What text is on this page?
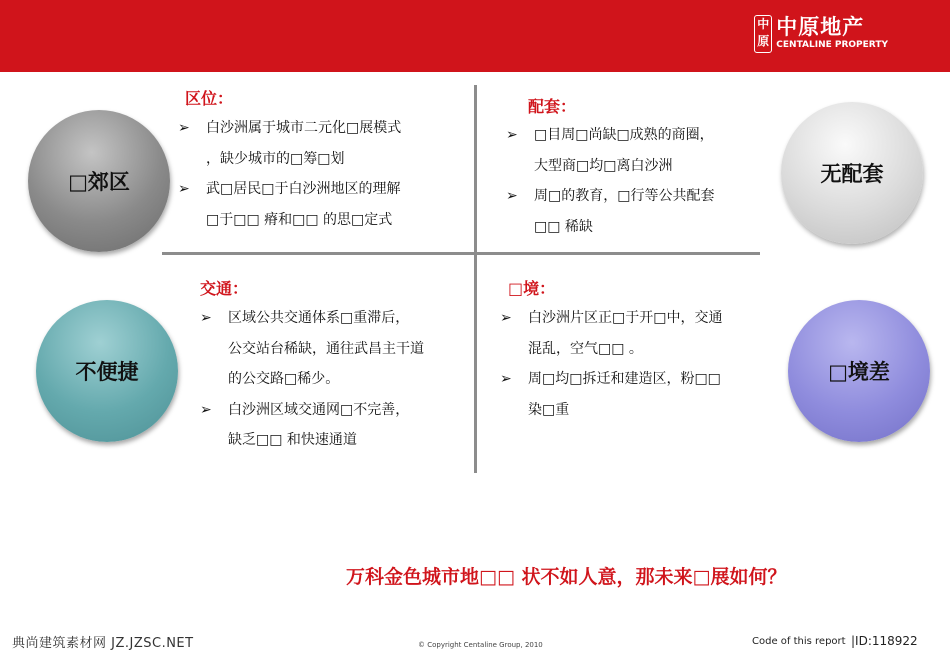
中原
中原地产
CENTALINE PROPERTY
□郊区	无配套
不便捷	□境差
区位：	配套：
交通：	□境：
➢ 白沙洲属于城市二元化□展模式
，缺少城市的□筹□划
➢ 武□居民□于白沙洲地区的理解
□于□□ 瘠和□□ 的思□定式
➢ □目周□尚缺□成熟的商圈，
大型商□均□离白沙洲
➢ 周□的教育，□行等公共配套
□□ 稀缺
➢ 区域公共交通体系□重滞后，
公交站台稀缺，通往武昌主干道
的公交路□稀少。
➢ 白沙洲区域交通网□不完善，
缺乏□□ 和快速通道
➢ 白沙洲片区正□于开□中，交通
混乱，空气□□ 。
➢ 周□均□拆迁和建造区，粉□□
染□重
万科金色城市地□□ 状不如人意，那未来□展如何？
典尚建筑素材网 JZ.JZSC.NET	© Copyright Centaline Group, 2010	Code of this report |ID:118922
